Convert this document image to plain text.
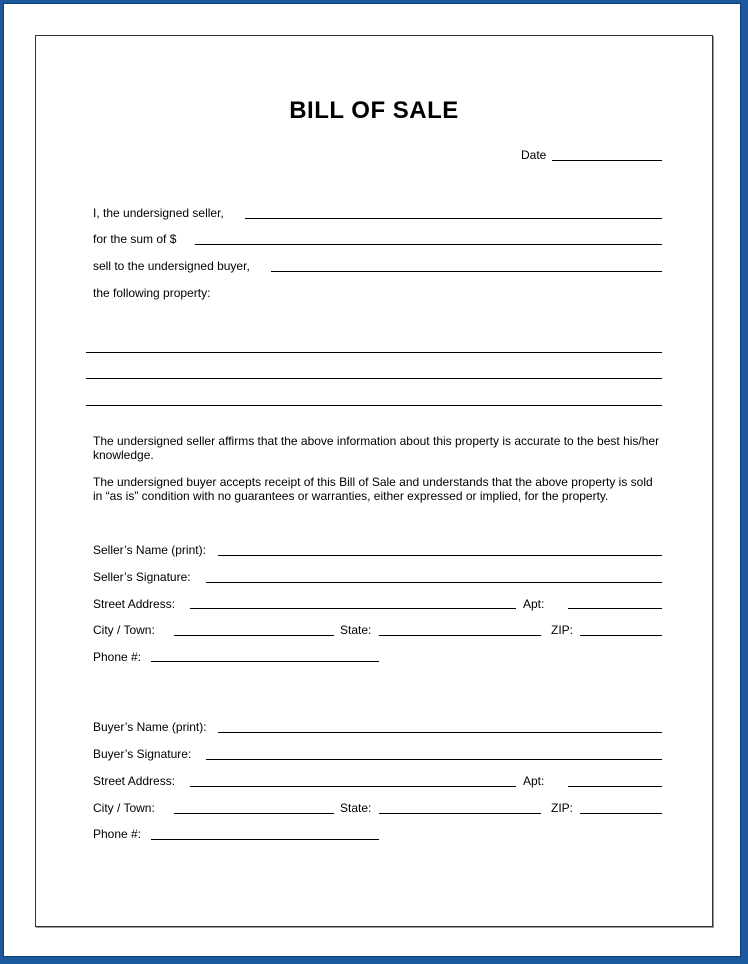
BILL OF SALE
Date
I, the undersigned seller,
for the sum of $
sell to the undersigned buyer,
the following property:
The undersigned seller affirms that the above information about this property is accurate to the best his/her knowledge.
The undersigned buyer accepts receipt of this Bill of Sale and understands that the above property is sold in “as is” condition with no guarantees or warranties, either expressed or implied, for the property.
Seller’s Name (print):
Seller’s Signature:
Street Address:	Apt:
City / Town:	State:	ZIP:
Phone #:
Buyer’s Name (print):
Buyer’s Signature:
Street Address:	Apt:
City / Town:	State:	ZIP:
Phone #:
